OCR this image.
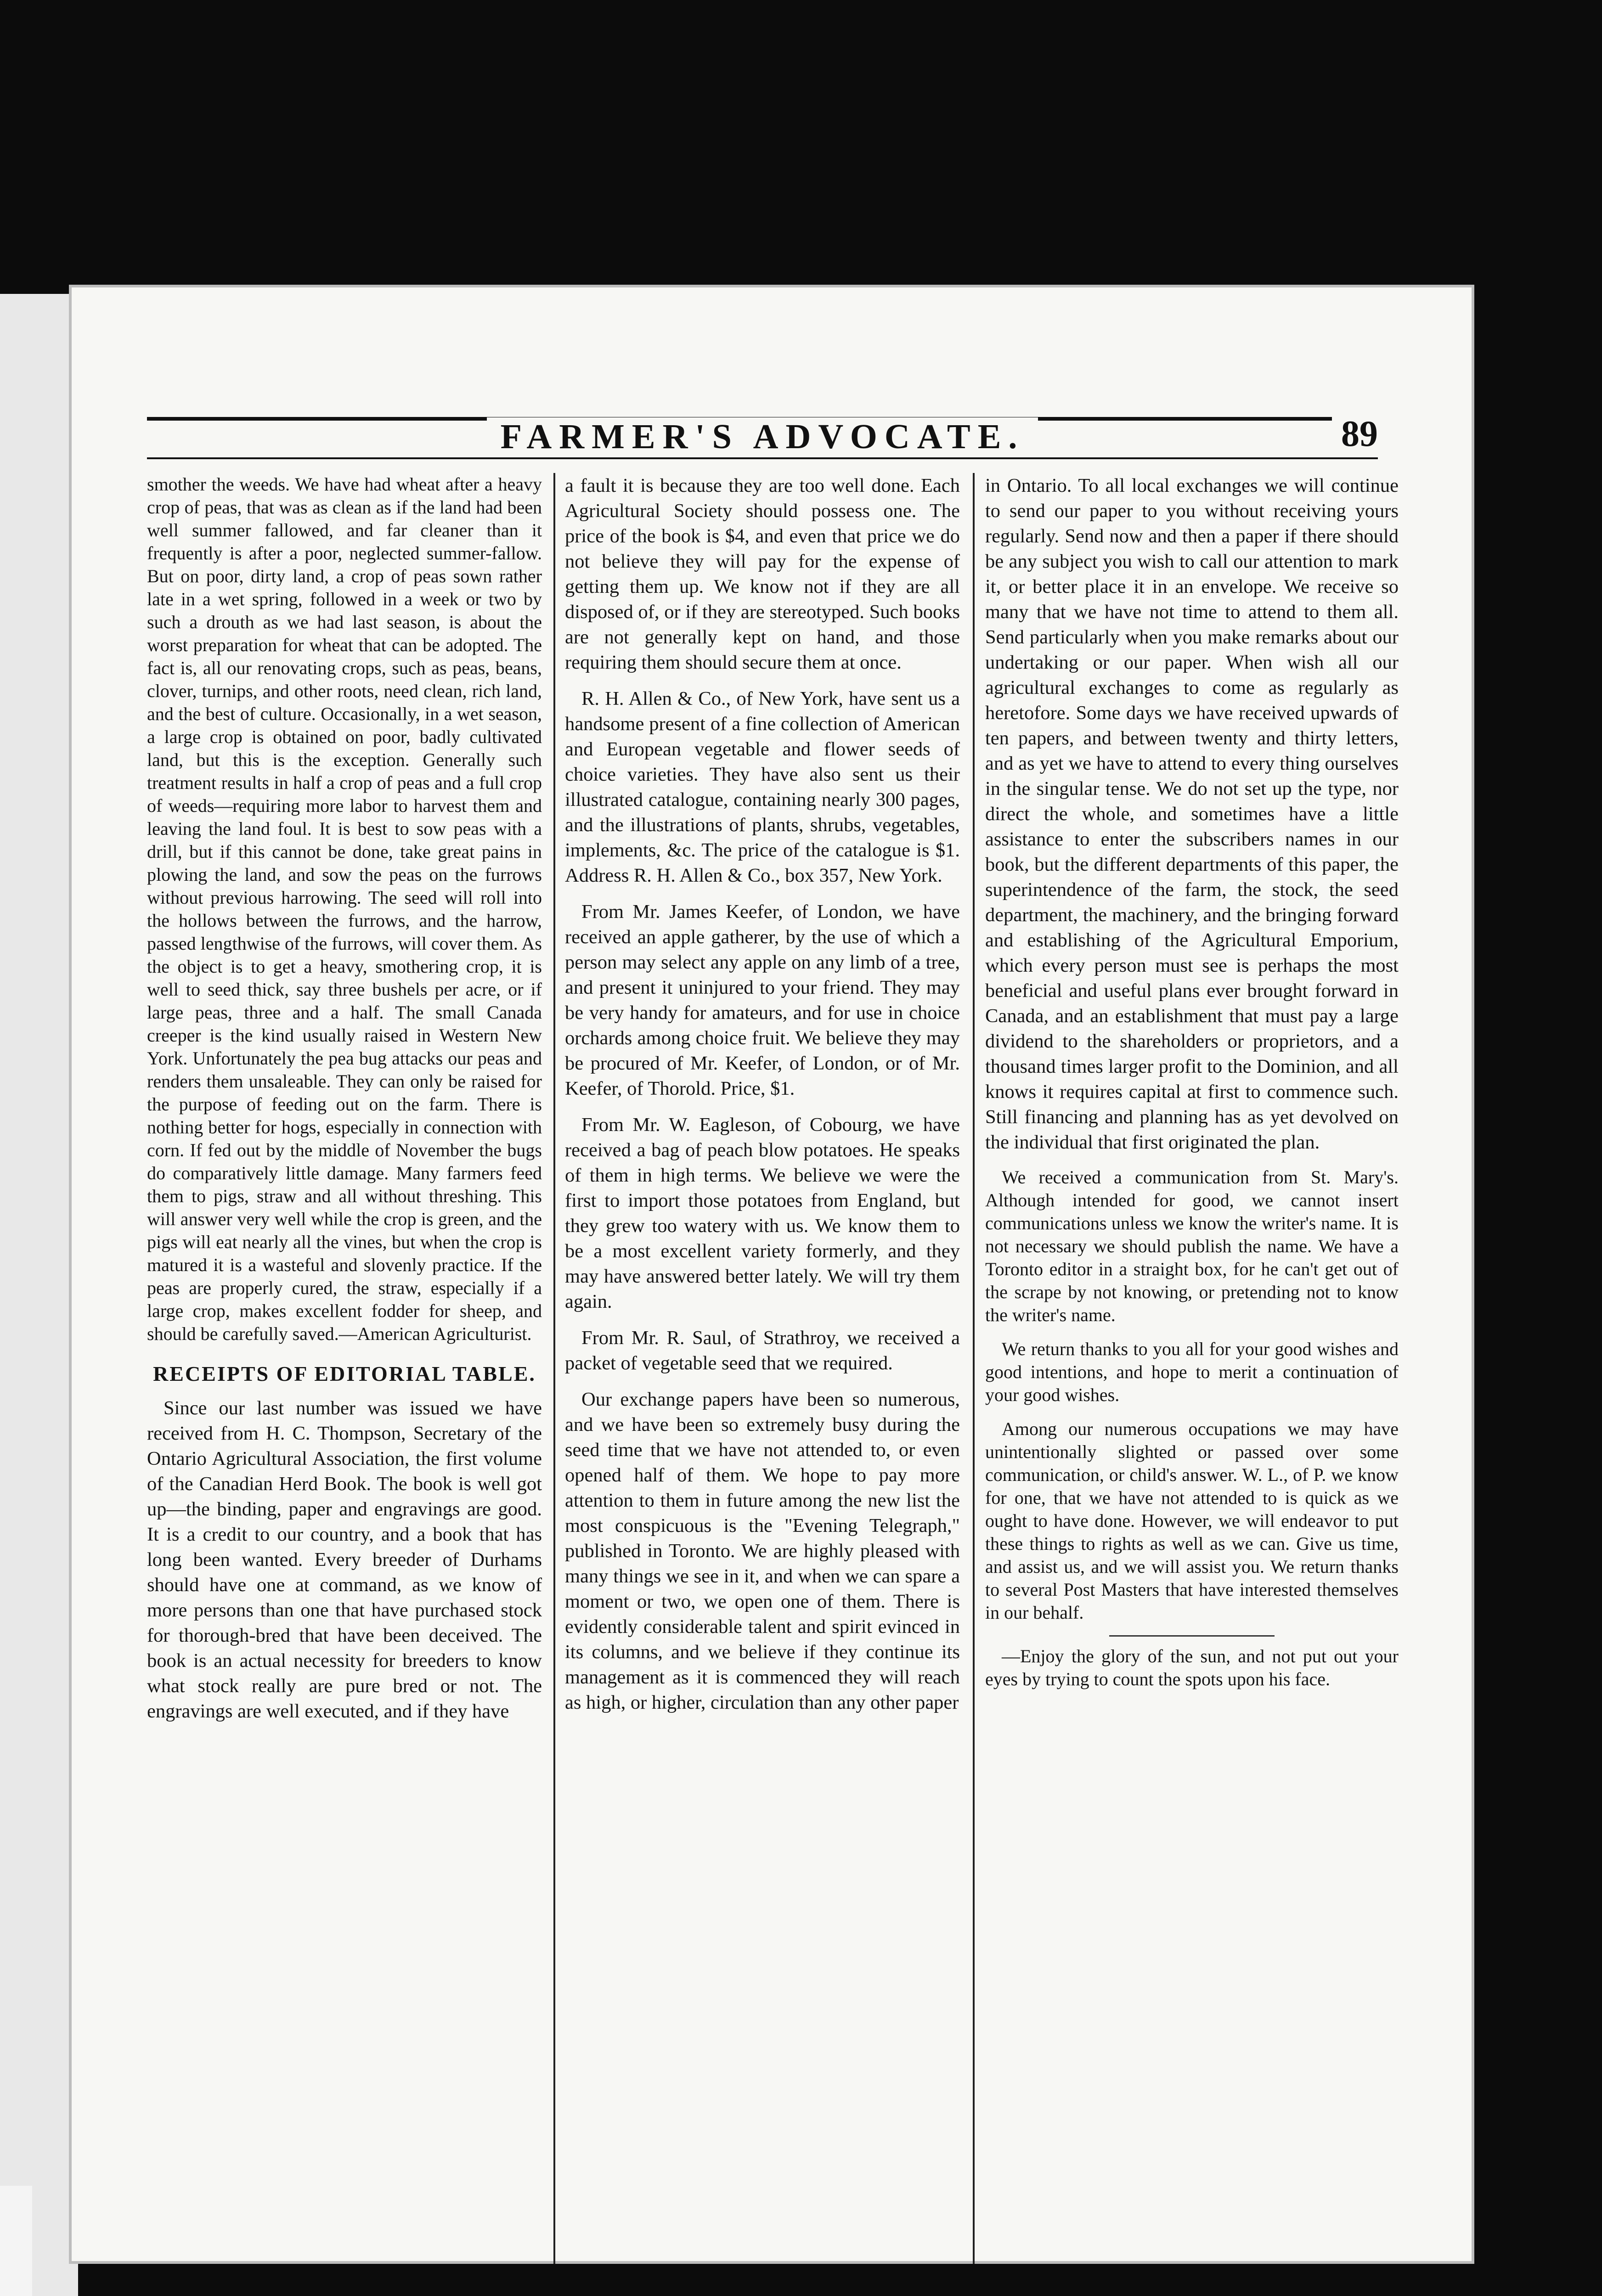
FARMER'S ADVOCATE.	89

smother the weeds. We have had wheat after a heavy crop of peas, that was as clean as if the land had been well summer fallowed, and far cleaner than it frequently is after a poor, neglected summer-fallow. But on poor, dirty land, a crop of peas sown rather late in a wet spring, followed in a week or two by such a drouth as we had last season, is about the worst preparation for wheat that can be adopted. The fact is, all our renovating crops, such as peas, beans, clover, turnips, and other roots, need clean, rich land, and the best of culture. Occasionally, in a wet season, a large crop is obtained on poor, badly cultivated land, but this is the exception. Generally such treatment results in half a crop of peas and a full crop of weeds—requiring more labor to harvest them and leaving the land foul. It is best to sow peas with a drill, but if this cannot be done, take great pains in plowing the land, and sow the peas on the furrows without previous harrowing. The seed will roll into the hollows between the furrows, and the harrow, passed lengthwise of the furrows, will cover them. As the object is to get a heavy, smothering crop, it is well to seed thick, say three bushels per acre, or if large peas, three and a half. The small Canada creeper is the kind usually raised in Western New York. Unfortunately the pea bug attacks our peas and renders them unsaleable. They can only be raised for the purpose of feeding out on the farm. There is nothing better for hogs, especially in connection with corn. If fed out by the middle of November the bugs do comparatively little damage. Many farmers feed them to pigs, straw and all without threshing. This will answer very well while the crop is green, and the pigs will eat nearly all the vines, but when the crop is matured it is a wasteful and slovenly practice. If the peas are properly cured, the straw, especially if a large crop, makes excellent fodder for sheep, and should be carefully saved.—American Agriculturist.

RECEIPTS OF EDITORIAL TABLE.

Since our last number was issued we have received from H. C. Thompson, Secretary of the Ontario Agricultural Association, the first volume of the Canadian Herd Book. The book is well got up—the binding, paper and engravings are good. It is a credit to our country, and a book that has long been wanted. Every breeder of Durhams should have one at command, as we know of more persons than one that have purchased stock for thorough-bred that have been deceived. The book is an actual necessity for breeders to know what stock really are pure bred or not. The engravings are well executed, and if they have

a fault it is because they are too well done. Each Agricultural Society should possess one. The price of the book is $4, and even that price we do not believe they will pay for the expense of getting them up. We know not if they are all disposed of, or if they are stereotyped. Such books are not generally kept on hand, and those requiring them should secure them at once.

R. H. Allen & Co., of New York, have sent us a handsome present of a fine collection of American and European vegetable and flower seeds of choice varieties. They have also sent us their illustrated catalogue, containing nearly 300 pages, and the illustrations of plants, shrubs, vegetables, implements, &c. The price of the catalogue is $1. Address R. H. Allen & Co., box 357, New York.

From Mr. James Keefer, of London, we have received an apple gatherer, by the use of which a person may select any apple on any limb of a tree, and present it uninjured to your friend. They may be very handy for amateurs, and for use in choice orchards among choice fruit. We believe they may be procured of Mr. Keefer, of London, or of Mr. Keefer, of Thorold. Price, $1.

From Mr. W. Eagleson, of Cobourg, we have received a bag of peach blow potatoes. He speaks of them in high terms. We believe we were the first to import those potatoes from England, but they grew too watery with us. We know them to be a most excellent variety formerly, and they may have answered better lately. We will try them again.

From Mr. R. Saul, of Strathroy, we received a packet of vegetable seed that we required.

Our exchange papers have been so numerous, and we have been so extremely busy during the seed time that we have not attended to, or even opened half of them. We hope to pay more attention to them in future among the new list the most conspicuous is the "Evening Telegraph," published in Toronto. We are highly pleased with many things we see in it, and when we can spare a moment or two, we open one of them. There is evidently considerable talent and spirit evinced in its columns, and we believe if they continue its management as it is commenced they will reach as high, or higher, circulation than any other paper

in Ontario. To all local exchanges we will continue to send our paper to you without receiving yours regularly. Send now and then a paper if there should be any subject you wish to call our attention to mark it, or better place it in an envelope. We receive so many that we have not time to attend to them all. Send particularly when you make remarks about our undertaking or our paper. When wish all our agricultural exchanges to come as regularly as heretofore. Some days we have received upwards of ten papers, and between twenty and thirty letters, and as yet we have to attend to every thing ourselves in the singular tense. We do not set up the type, nor direct the whole, and sometimes have a little assistance to enter the subscribers names in our book, but the different departments of this paper, the superintendence of the farm, the stock, the seed department, the machinery, and the bringing forward and establishing of the Agricultural Emporium, which every person must see is perhaps the most beneficial and useful plans ever brought forward in Canada, and an establishment that must pay a large dividend to the shareholders or proprietors, and a thousand times larger profit to the Dominion, and all knows it requires capital at first to commence such. Still financing and planning has as yet devolved on the individual that first originated the plan.

We received a communication from St. Mary's. Although intended for good, we cannot insert communications unless we know the writer's name. It is not necessary we should publish the name. We have a Toronto editor in a straight box, for he can't get out of the scrape by not knowing, or pretending not to know the writer's name.

We return thanks to you all for your good wishes and good intentions, and hope to merit a continuation of your good wishes.

Among our numerous occupations we may have unintentionally slighted or passed over some communication, or child's answer. W. L., of P. we know for one, that we have not attended to is quick as we ought to have done. However, we will endeavor to put these things to rights as well as we can. Give us time, and assist us, and we will assist you. We return thanks to several Post Masters that have interested themselves in our behalf.

—Enjoy the glory of the sun, and not put out your eyes by trying to count the spots upon his face.
